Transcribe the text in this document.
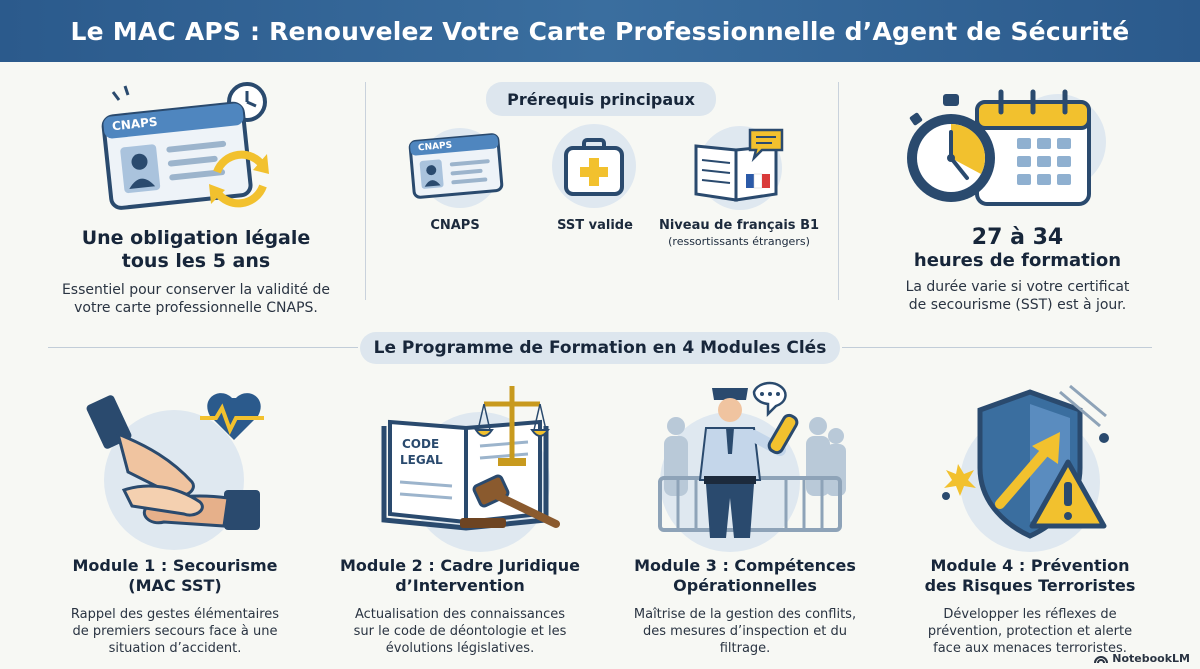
Le MAC APS : Renouvelez Votre Carte Professionnelle d’Agent de Sécurité
CNAPS
Une obligation légale
tous les 5 ans
Essentiel pour conserver la validité de
votre carte professionnelle CNAPS.
Prérequis principaux
CNAPS
CNAPS	SST valide	Niveau de français B1
(ressortissants étrangers)	27 à 34
heures de formation
La durée varie si votre certificat
de secourisme (SST) est à jour.
Le Programme de Formation en 4 Modules Clés
CODE
LEGAL
Module 1 : Secourisme
(MAC SST)
Rappel des gestes élémentaires
de premiers secours face à une
situation d’accident.
Module 2 : Cadre Juridique
d’Intervention
Actualisation des connaissances
sur le code de déontologie et les
évolutions législatives.
Module 3 : Compétences
Opérationnelles
Maîtrise de la gestion des conflits,
des mesures d’inspection et du
filtrage.
Module 4 : Prévention
des Risques Terroristes
Développer les réflexes de
prévention, protection et alerte
face aux menaces terroristes.
NotebookLM
